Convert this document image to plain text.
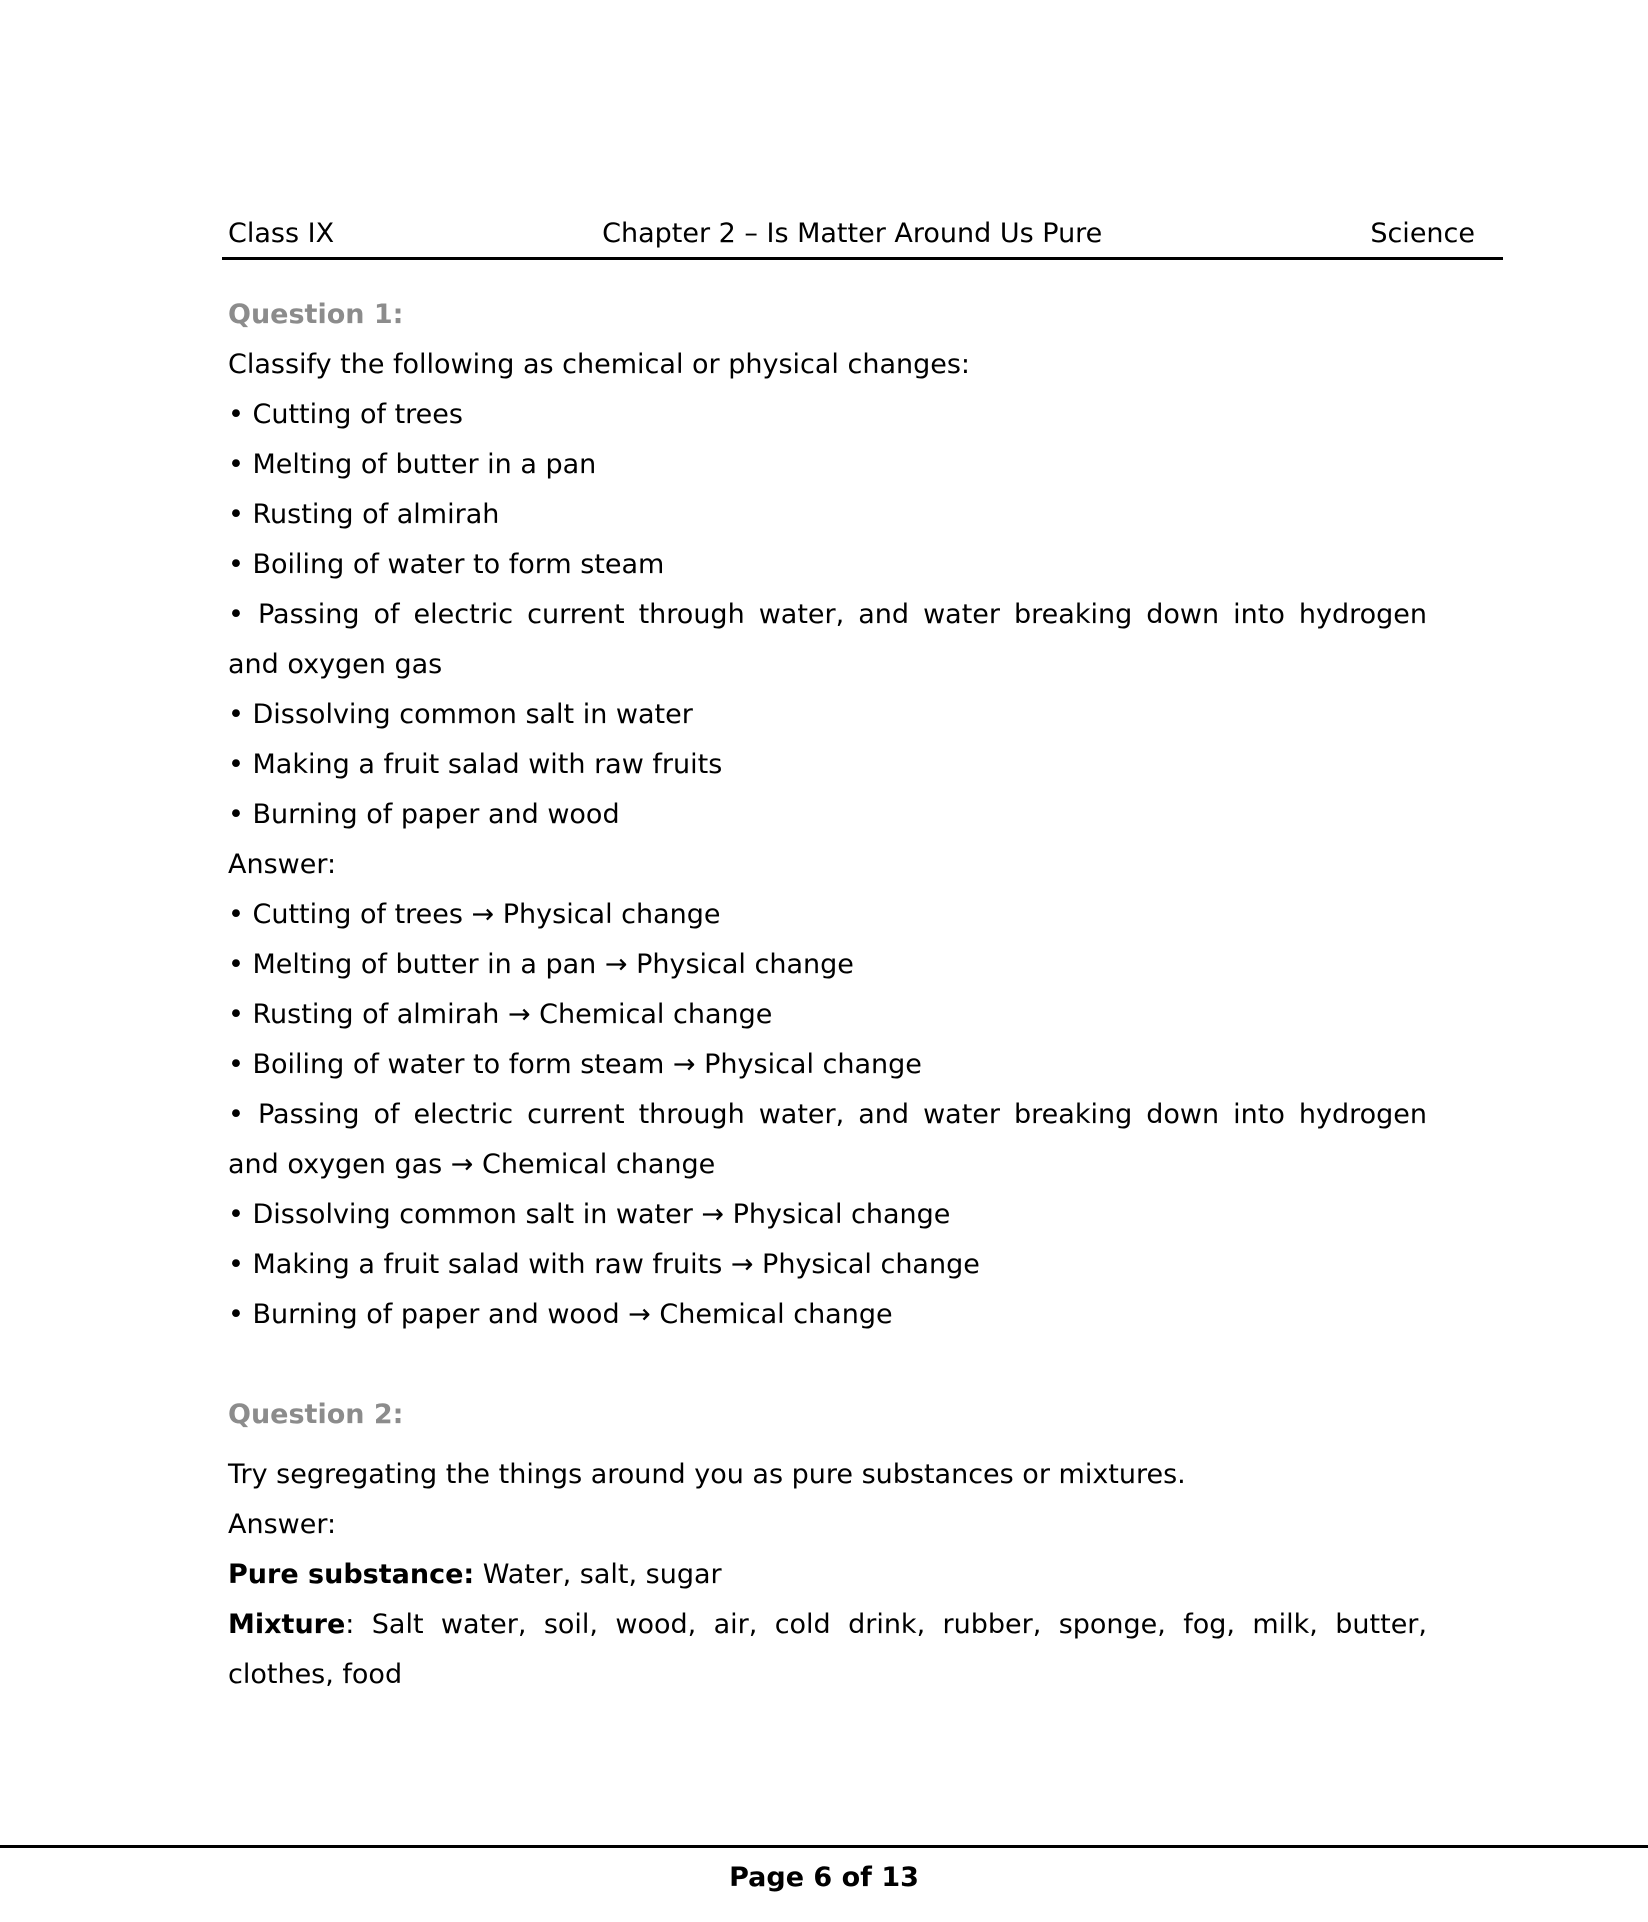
Class IX	Chapter 2 – Is Matter Around Us Pure	Science

Question 1:

Classify the following as chemical or physical changes:

• Cutting of trees

• Melting of butter in a pan

• Rusting of almirah

• Boiling of water to form steam

• Passing of electric current through water, and water breaking down into hydrogen

and oxygen gas

• Dissolving common salt in water

• Making a fruit salad with raw fruits

• Burning of paper and wood

Answer:

• Cutting of trees → Physical change

• Melting of butter in a pan → Physical change

• Rusting of almirah → Chemical change

• Boiling of water to form steam → Physical change

• Passing of electric current through water, and water breaking down into hydrogen

and oxygen gas → Chemical change

• Dissolving common salt in water → Physical change

• Making a fruit salad with raw fruits → Physical change

• Burning of paper and wood → Chemical change

Question 2:

Try segregating the things around you as pure substances or mixtures.

Answer:

Pure substance: Water, salt, sugar

Mixture: Salt water, soil, wood, air, cold drink, rubber, sponge, fog, milk, butter,

clothes, food

Page 6 of 13
